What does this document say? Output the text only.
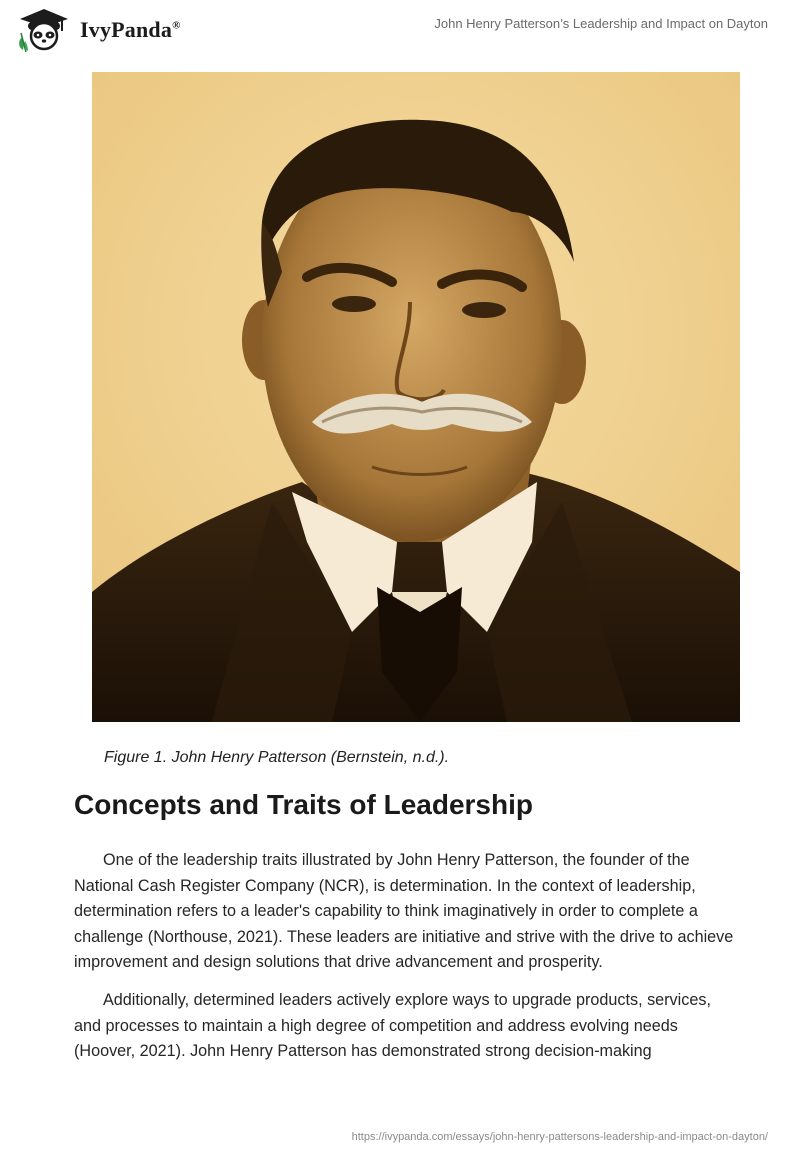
IvyPanda®	John Henry Patterson’s Leadership and Impact on Dayton
Figure 1. John Henry Patterson (Bernstein, n.d.).
Concepts and Traits of Leadership

One of the leadership traits illustrated by John Henry Patterson, the founder of the National Cash Register Company (NCR), is determination. In the context of leadership, determination refers to a leader's capability to think imaginatively in order to complete a challenge (Northouse, 2021). These leaders are initiative and strive with the drive to achieve improvement and design solutions that drive advancement and prosperity.

Additionally, determined leaders actively explore ways to upgrade products, services, and processes to maintain a high degree of competition and address evolving needs (Hoover, 2021). John Henry Patterson has demonstrated strong decision-making

https://ivypanda.com/essays/john-henry-pattersons-leadership-and-impact-on-dayton/
